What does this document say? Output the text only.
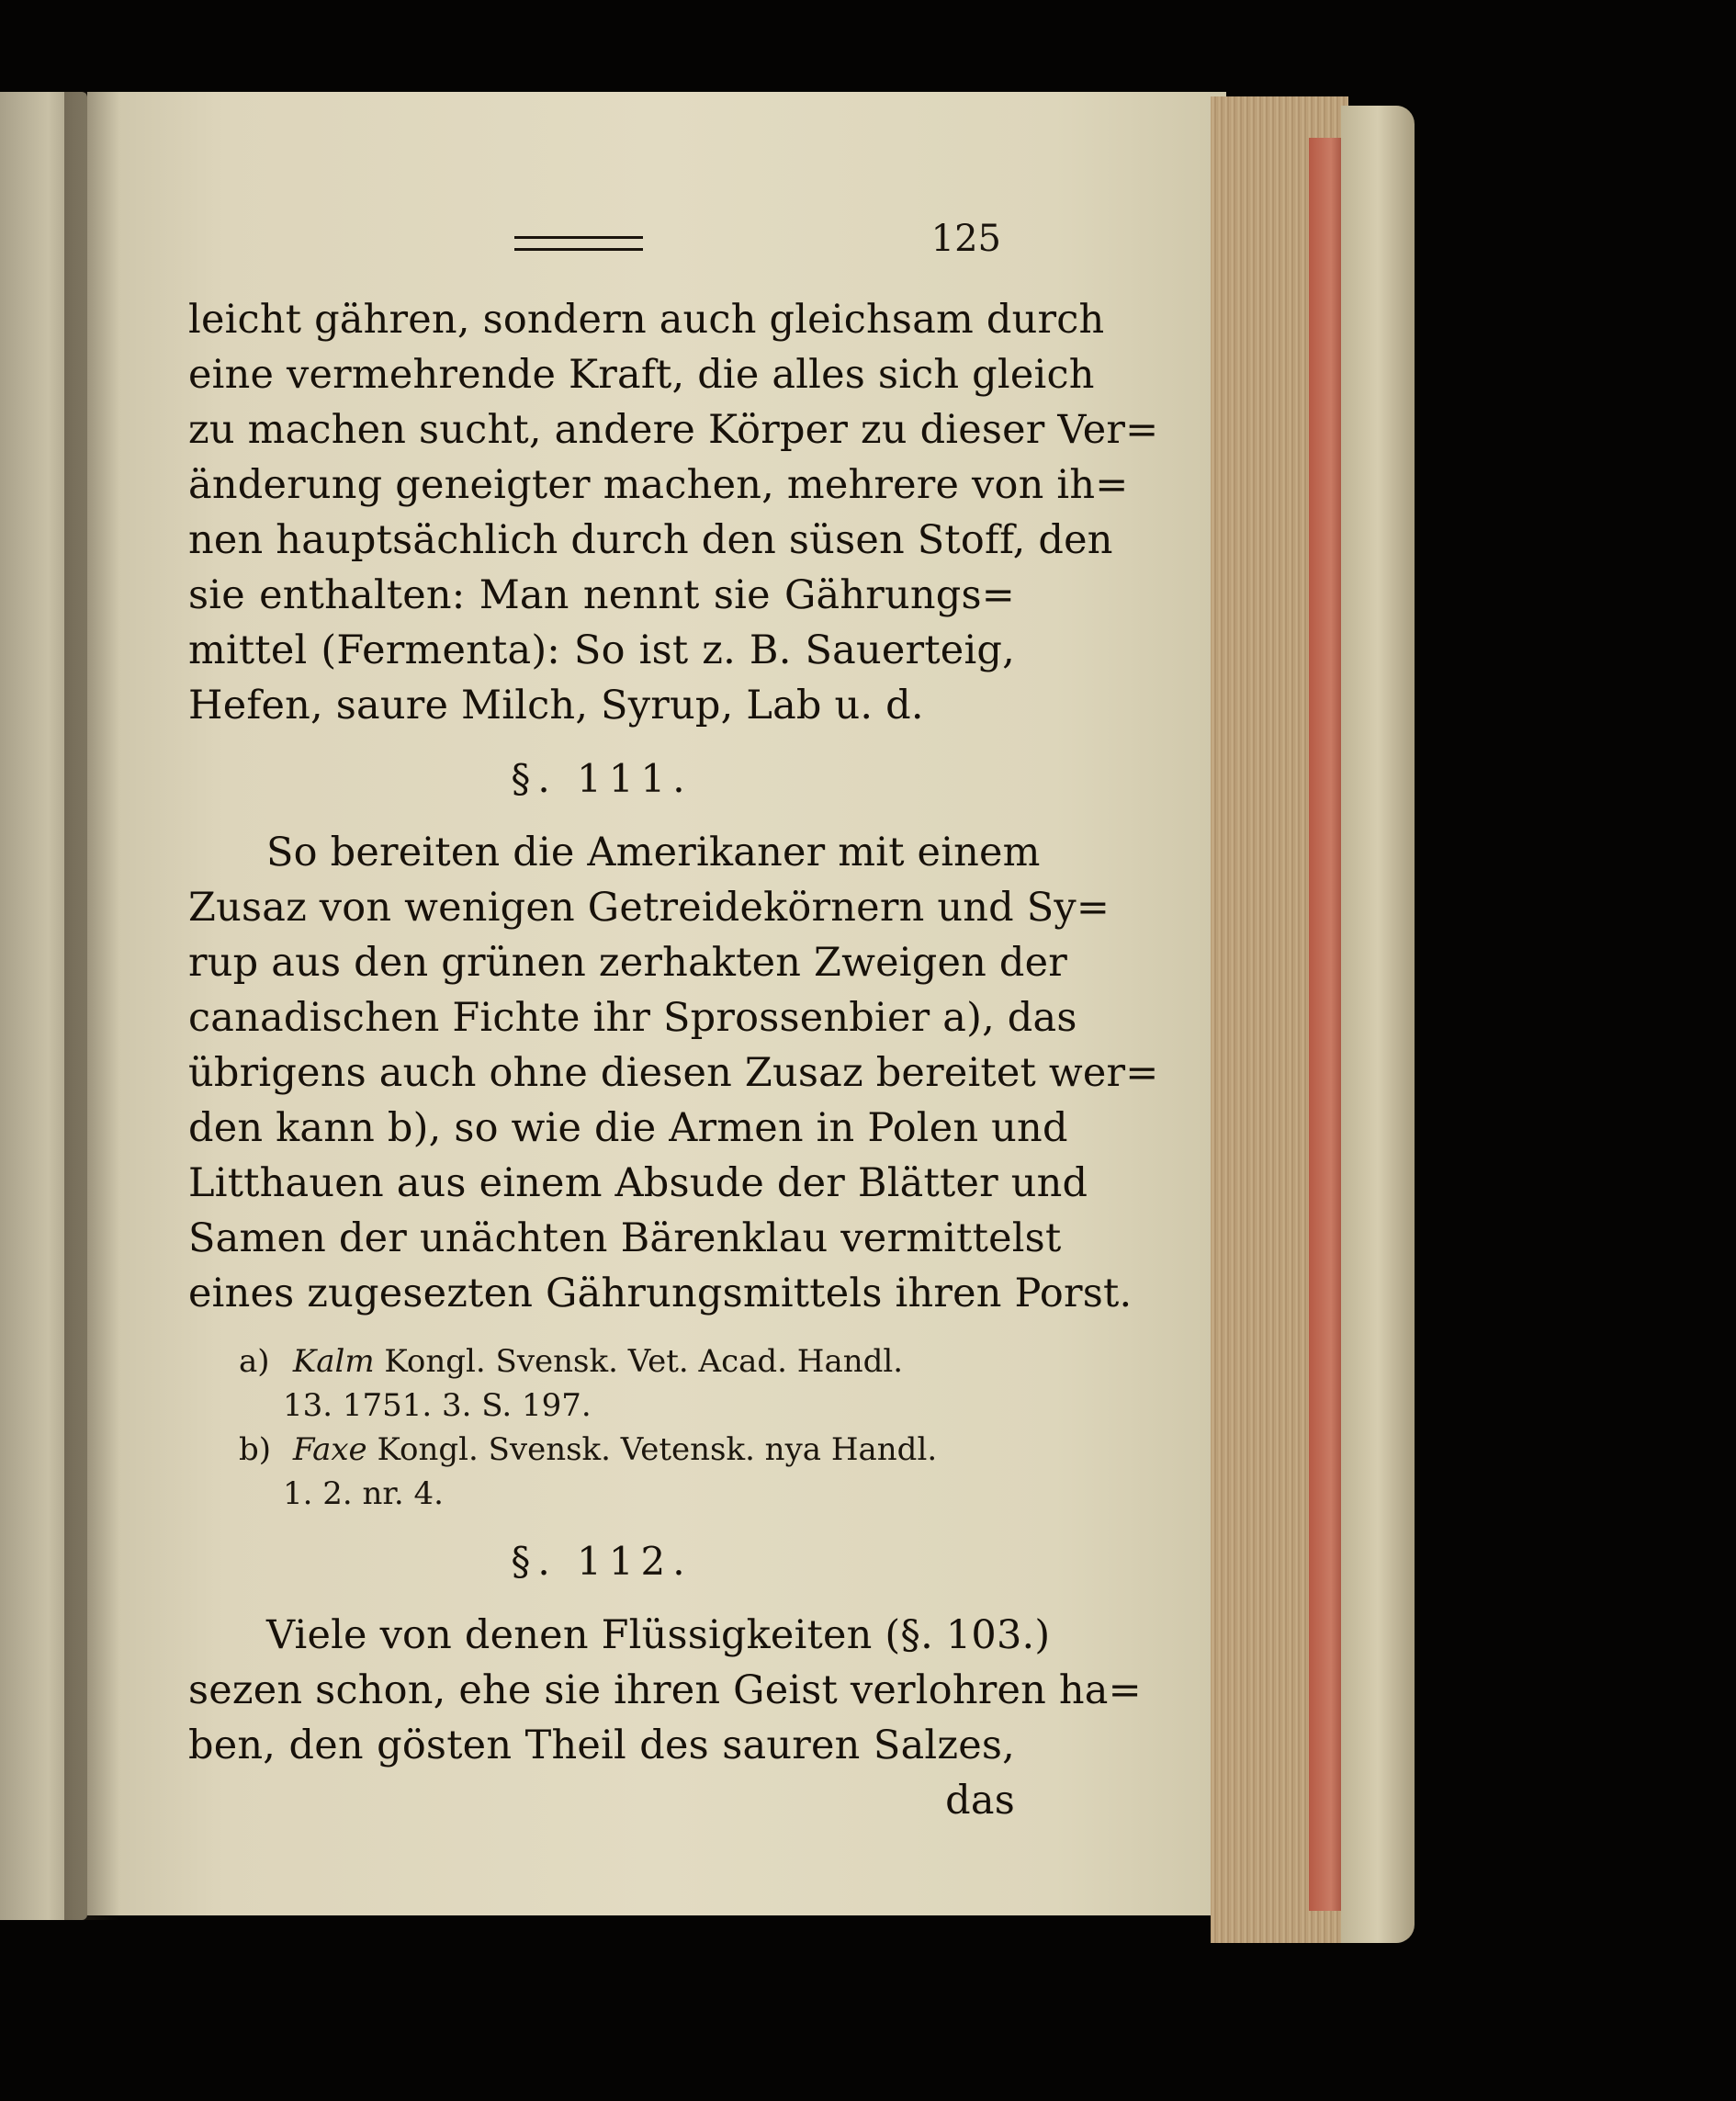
125
leicht gähren, sondern auch gleichsam durch
eine vermehrende Kraft, die alles sich gleich
zu machen sucht, andere Körper zu dieser Ver=
änderung geneigter machen, mehrere von ih=
nen hauptsächlich durch den süsen Stoff, den
sie enthalten: Man nennt sie Gährungs=
mittel (Fermenta): So ist z. B. Sauerteig,
Hefen, saure Milch, Syrup, Lab u. d.
§. 111.
So bereiten die Amerikaner mit einem
Zusaz von wenigen Getreidekörnern und Sy=
rup aus den grünen zerhakten Zweigen der
canadischen Fichte ihr Sprossenbier a), das
übrigens auch ohne diesen Zusaz bereitet wer=
den kann b), so wie die Armen in Polen und
Litthauen aus einem Absude der Blätter und
Samen der unächten Bärenklau vermittelst
eines zugesezten Gährungsmittels ihren Porst.
a) Kalm Kongl. Svensk. Vet. Acad. Handl.
13. 1751. 3. S. 197.
b) Faxe Kongl. Svensk. Vetensk. nya Handl.
1. 2. nr. 4.
§. 112.
Viele von denen Flüssigkeiten (§. 103.)
sezen schon, ehe sie ihren Geist verlohren ha=
ben, den gösten Theil des sauren Salzes,
das
